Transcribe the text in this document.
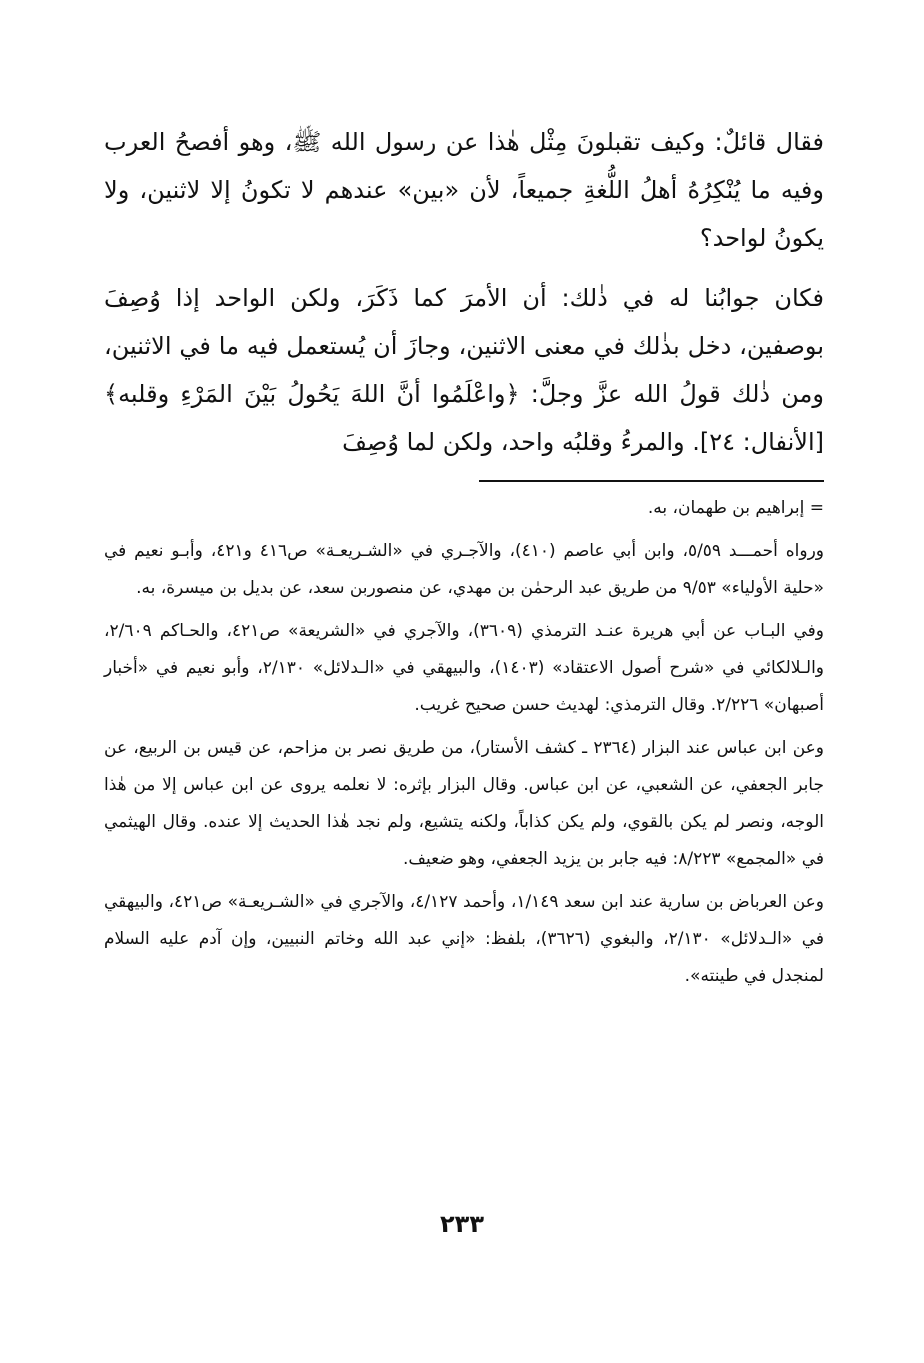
فقال قائلٌ: وكيف تقبلونَ مِثْل هٰذا عن رسول الله ﷺ، وهو أفصحُ العرب وفيه ما يُنْكِرُهُ أهلُ اللُّغةِ جميعاً، لأن «بين» عندهم لا تكونُ إلا لاثنين، ولا يكونُ لواحد؟

فكان جوابُنا له في ذٰلك: أن الأمرَ كما ذَكَرَ، ولكن الواحد إذا وُصِفَ بوصفين، دخل بذٰلك في معنى الاثنين، وجازَ أن يُستعمل فيه ما في الاثنين، ومن ذٰلك قولُ الله عزَّ وجلَّ: ﴿واعْلَمُوا أنَّ اللهَ يَحُولُ بَيْنَ المَرْءِ وقلبه﴾ [الأنفال: ٢٤]. والمرءُ وقلبُه واحد، ولكن لما وُصِفَ

= إبراهيم بن طهمان، به.

ورواه أحمـــد ٥/٥٩، وابن أبي عاصم (٤١٠)، والآجـري في «الشـريعـة» ص٤١٦ و٤٢١، وأبـو نعيم في «حلية الأولياء» ٩/٥٣ من طريق عبد الرحمٰن بن مهدي، عن منصوربن سعد، عن بديل بن ميسرة، به.

وفي البـاب عن أبي هريرة عنـد الترمذي (٣٦٠٩)، والآجري في «الشريعة» ص٤٢١، والحـاكم ٢/٦٠٩، والـلالكائي في «شرح أصول الاعتقاد» (١٤٠٣)، والبيهقي في «الـدلائل» ٢/١٣٠، وأبو نعيم في «أخبار أصبهان» ٢/٢٢٦. وقال الترمذي: لهديث حسن صحيح غريب.

وعن ابن عباس عند البزار (٢٣٦٤ ـ كشف الأستار)، من طريق نصر بن مزاحم، عن قيس بن الربيع، عن جابر الجعفي، عن الشعبي، عن ابن عباس. وقال البزار بإثره: لا نعلمه يروى عن ابن عباس إلا من هٰذا الوجه، ونصر لم يكن بالقوي، ولم يكن كذاباً، ولكنه يتشيع، ولم نجد هٰذا الحديث إلا عنده. وقال الهيثمي في «المجمع» ٨/٢٢٣: فيه جابر بن يزيد الجعفي، وهو ضعيف.

وعن العرباض بن سارية عند ابن سعد ١/١٤٩، وأحمد ٤/١٢٧، والآجري في «الشـريعـة» ص٤٢١، والبيهقي في «الـدلائل» ٢/١٣٠، والبغوي (٣٦٢٦)، بلفظ: «إني عبد الله وخاتم النبيين، وإن آدم عليه السلام لمنجدل في طينته».

٢٣٣
